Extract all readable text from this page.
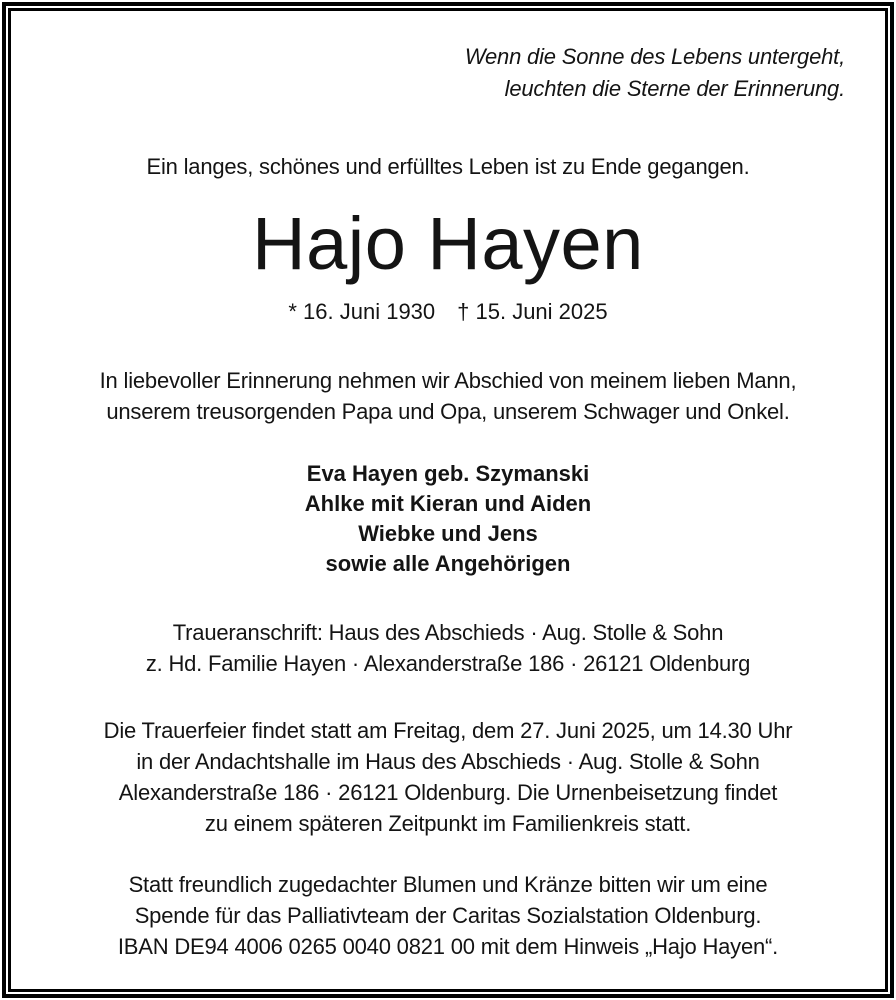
Wenn die Sonne des Lebens untergeht,
leuchten die Sterne der Erinnerung.
Ein langes, schönes und erfülltes Leben ist zu Ende gegangen.
Hajo Hayen
* 16. Juni 1930 † 15. Juni 2025
In liebevoller Erinnerung nehmen wir Abschied von meinem lieben Mann,
unserem treusorgenden Papa und Opa, unserem Schwager und Onkel.
Eva Hayen geb. Szymanski
Ahlke mit Kieran und Aiden
Wiebke und Jens
sowie alle Angehörigen
Traueranschrift: Haus des Abschieds · Aug. Stolle & Sohn
z. Hd. Familie Hayen · Alexanderstraße 186 · 26121 Oldenburg
Die Trauerfeier findet statt am Freitag, dem 27. Juni 2025, um 14.30 Uhr
in der Andachtshalle im Haus des Abschieds · Aug. Stolle & Sohn
Alexanderstraße 186 · 26121 Oldenburg. Die Urnenbeisetzung findet
zu einem späteren Zeitpunkt im Familienkreis statt.
Statt freundlich zugedachter Blumen und Kränze bitten wir um eine
Spende für das Palliativteam der Caritas Sozialstation Oldenburg.
IBAN DE94 4006 0265 0040 0821 00 mit dem Hinweis „Hajo Hayen“.
